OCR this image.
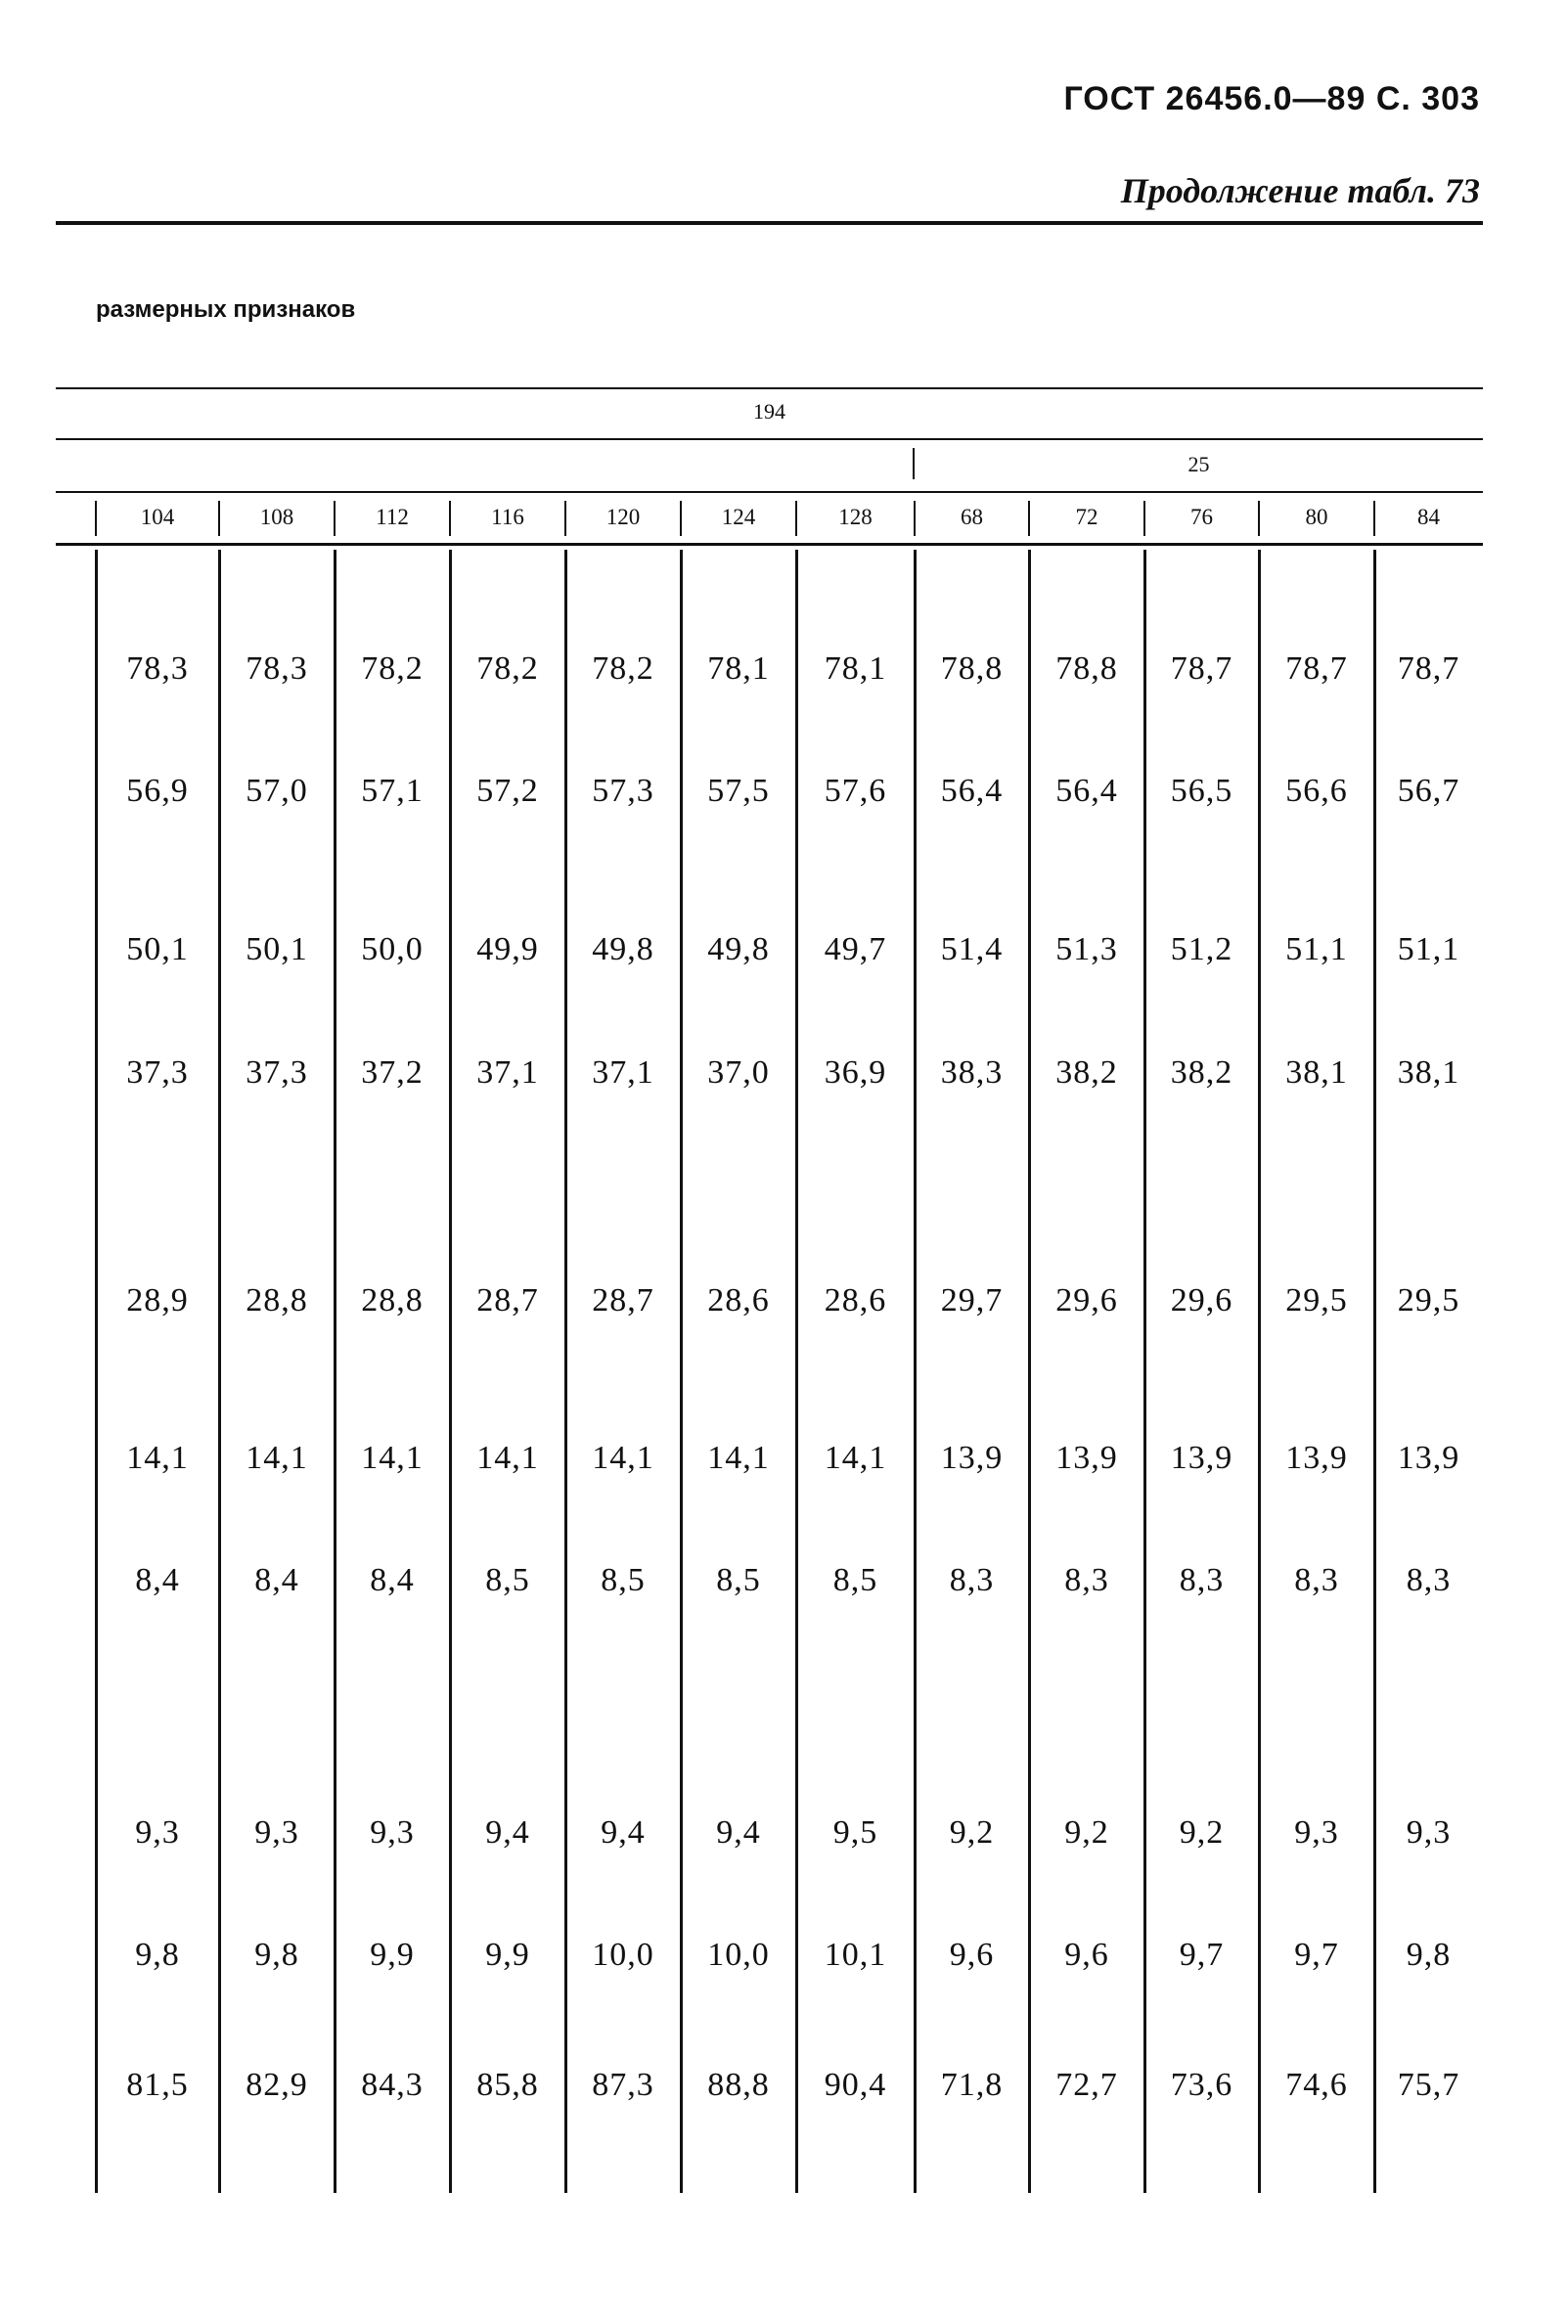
ГОСТ 26456.0—89 С. 303
Продолжение табл. 73
размерных признаков
194
25
104	108	112	116	120	124	128	68	72	76	80	84
78,3	78,3	78,2	78,2	78,2	78,1	78,1	78,8	78,8	78,7	78,7	78,7
56,9	57,0	57,1	57,2	57,3	57,5	57,6	56,4	56,4	56,5	56,6	56,7
50,1	50,1	50,0	49,9	49,8	49,8	49,7	51,4	51,3	51,2	51,1	51,1
37,3	37,3	37,2	37,1	37,1	37,0	36,9	38,3	38,2	38,2	38,1	38,1
28,9	28,8	28,8	28,7	28,7	28,6	28,6	29,7	29,6	29,6	29,5	29,5
14,1	14,1	14,1	14,1	14,1	14,1	14,1	13,9	13,9	13,9	13,9	13,9
8,4	8,4	8,4	8,5	8,5	8,5	8,5	8,3	8,3	8,3	8,3	8,3
9,3	9,3	9,3	9,4	9,4	9,4	9,5	9,2	9,2	9,2	9,3	9,3
9,8	9,8	9,9	9,9	10,0	10,0	10,1	9,6	9,6	9,7	9,7	9,8
81,5	82,9	84,3	85,8	87,3	88,8	90,4	71,8	72,7	73,6	74,6	75,7
